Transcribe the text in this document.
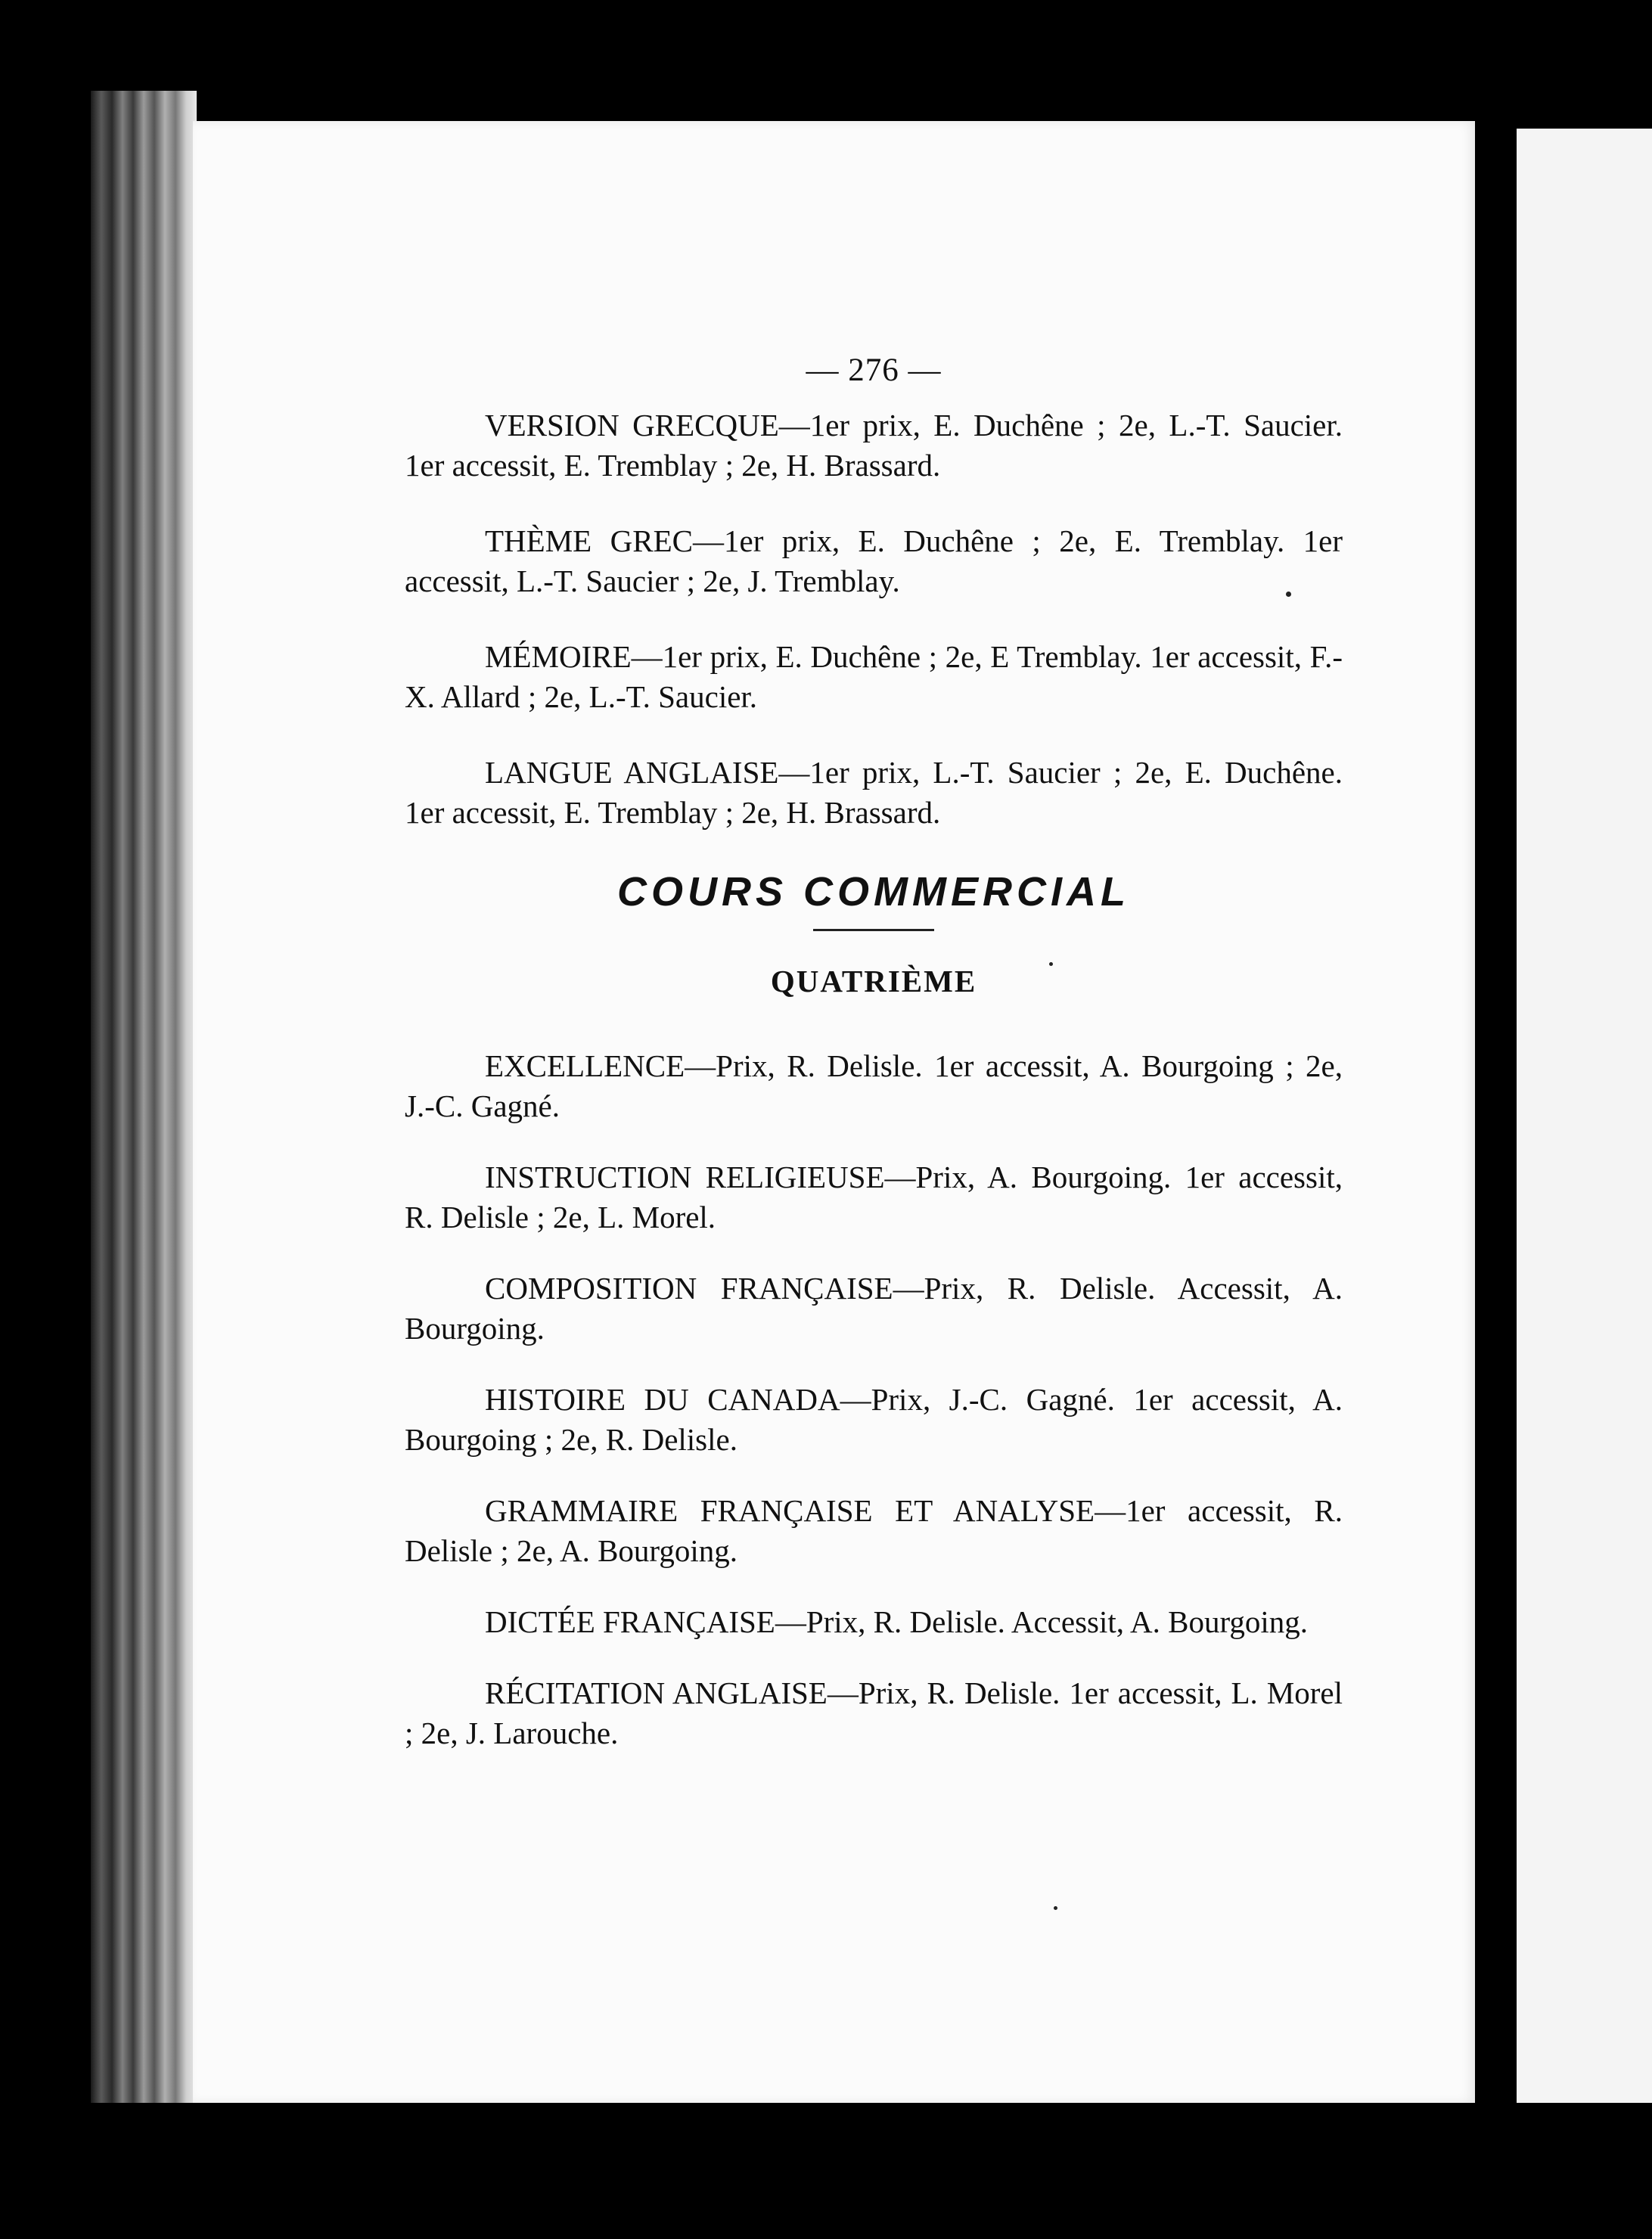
— 276 —

VERSION GRECQUE—1er prix, E. Duchêne ; 2e, L.-T. Saucier. 1er accessit, E. Tremblay ; 2e, H. Brassard.

THÈME GREC—1er prix, E. Duchêne ; 2e, E. Tremblay. 1er accessit, L.-T. Saucier ; 2e, J. Tremblay.

MÉMOIRE—1er prix, E. Duchêne ; 2e, E Tremblay. 1er accessit, F.-X. Allard ; 2e, L.-T. Saucier.

LANGUE ANGLAISE—1er prix, L.-T. Saucier ; 2e, E. Duchêne. 1er accessit, E. Tremblay ; 2e, H. Brassard.

COURS COMMERCIAL
QUATRIÈME

EXCELLENCE—Prix, R. Delisle. 1er accessit, A. Bourgoing ; 2e, J.-C. Gagné.

INSTRUCTION RELIGIEUSE—Prix, A. Bourgoing. 1er accessit, R. Delisle ; 2e, L. Morel.

COMPOSITION FRANÇAISE—Prix, R. Delisle. Accessit, A. Bourgoing.

HISTOIRE DU CANADA—Prix, J.-C. Gagné. 1er accessit, A. Bourgoing ; 2e, R. Delisle.

GRAMMAIRE FRANÇAISE ET ANALYSE—1er accessit, R. Delisle ; 2e, A. Bourgoing.

DICTÉE FRANÇAISE—Prix, R. Delisle. Accessit, A. Bourgoing.

RÉCITATION ANGLAISE—Prix, R. Delisle. 1er accessit, L. Morel ; 2e, J. Larouche.
